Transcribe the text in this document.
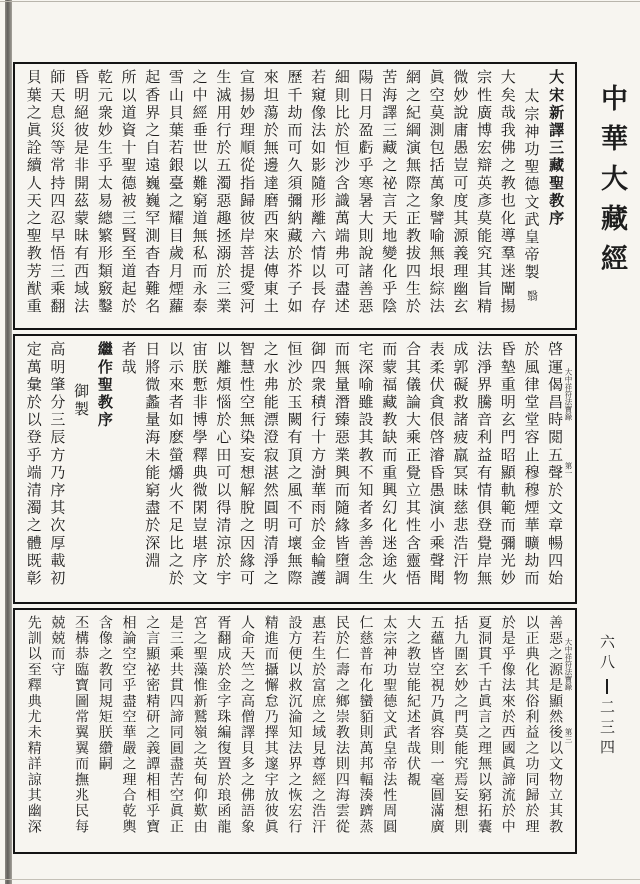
大宋新譯三藏聖教序
太宗神功聖德文武皇帝製翳
大矣哉我佛之教也化導羣迷闡揚
宗性廣博宏辯英彥莫能究其旨精
微妙說庸愚豈可度其源義理幽玄
眞空莫測包括萬象譬喻無垠綜法
網之紀綱演無際之正教拔四生於
苦海譯三藏之祕言天地變化乎陰
陽日月盈虧乎寒暑大則說諸善惡
細則比於恒沙含識萬端弗可盡述
若窺像法如影隨形離六情以長存
歷千劫而可久須彌納藏於芥子如
來坦蕩於無邊達磨西來法傳東土
宣揚妙理順從指歸彼岸菩提愛河
生滅用行於五濁惡趣拯溺於三業
之中經垂世以難窮道無私而永泰
雪山貝葉若銀臺之耀目歲月煙蘿
起香界之自遠巍巍罕測杳杳難名
所以道資十聖德被三賢至道起於
乾元衆妙生乎太易總繁形類竅鑿
昏明絕彼是非開茲蒙昧有西域法
師天息災等常持四忍早悟三乘翻
貝葉之眞詮續人天之聖教芳猷重
啓運偈昌時閲五聲於文章暢四始
於風律堂堂容止穆穆煙華曠劫而
昏墊重明玄門昭顯軌範而彌光妙
法淨界騰音利益有情俱登覺岸無
成郭礙救諸疲羸冥昧慈悲浩汗物
表柔伏貪佷啓濬昏愚演小乘聲聞
合其儀論大乘正覺立其性含靈悟
而蒙福藏教缺而重興幻化迷途火
宅深喻雖設其教不知者多善念生
而無量潛臻惡業興而隨緣皆墮調
御四衆積行十方澍華雨於金輪護
恒沙於玉闕有頂之風不可壞無際
之水弗能漂澄寂湛然圓明清淨之
智慧性空無染妄想解脫之因緣可
以離煩惱於心田可以得清涼於宇
宙朕慙非博學釋典微閑豈堪序文
以示來者如麽螢爝火不足比之於
日將微蠡量海未能窮盡於深淵
者哉
繼作聖教序
御製
高明肇分三辰方乃序其次厚載初
定萬彙於以登乎端清濁之體既彰	大中祥符法寶錄
第一
善惡之源是顯然後以文物立其教
以正典化其俗利益之功同歸於理
於是乎像法來於西國眞諦流於中
夏洞貫千古眞言之理無以窮拓囊
括九圍玄妙之門莫能究焉妄想則
五蘊皆空視乃眞容則一毫圓滿廣
大之教豈能紀述者哉伏覩
太宗神功聖德文武皇帝法性周圓
仁慈普布化蠻貊則萬邦輻湊躋蒸
民於仁壽之鄉崇教法則四海雲從
惠若生於富庶之域見尊經之浩汗
設方便以救沉淪知法界之恢宏行
精進而攝懈怠乃擇其邃宇放彼眞
人命天竺之高僧譯貝多之佛語象
胥翻成於金字珠編復置於琅函龍
宮之聖藻惟新鷲嶺之英甸仰歎由
是三乘共貫四諦同圓盡苦空眞正
之言顯祕密精研之義譚相相乎寶
相論空空乎盡空華嚴之理合乾輿
含像之教同規矩朕纘嗣
丕構恭臨寶圖常翼翼而撫兆民每
兢兢而守
先訓以至釋典尤未精詳諒其幽深	大中祥符法寶錄
第三
中華大藏經
六八二三四
